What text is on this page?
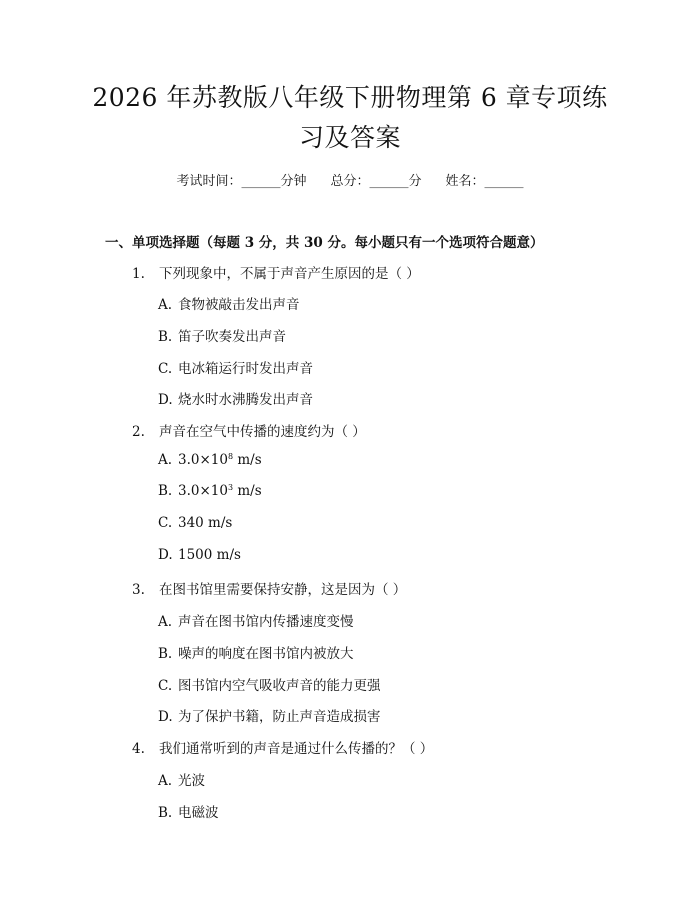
2026 年苏教版八年级下册物理第 6 章专项练
习及答案
考试时间：______分钟 总分：______分 姓名：______
一、单项选择题（每题 3 分，共 30 分。每小题只有一个选项符合题意）
1. 下列现象中，不属于声音产生原因的是（ ）
A. 食物被敲击发出声音
B. 笛子吹奏发出声音
C. 电冰箱运行时发出声音
D. 烧水时水沸腾发出声音
2. 声音在空气中传播的速度约为（ ）
A. $3.0\times 10^8$ m/s
B. $3.0\times 10^3$ m/s
C. 340 m/s
D. 1500 m/s
3. 在图书馆里需要保持安静，这是因为（ ）
A. 声音在图书馆内传播速度变慢
B. 噪声的响度在图书馆内被放大
C. 图书馆内空气吸收声音的能力更强
D. 为了保护书籍，防止声音造成损害
4. 我们通常听到的声音是通过什么传播的？（ ）
A. 光波
B. 电磁波
